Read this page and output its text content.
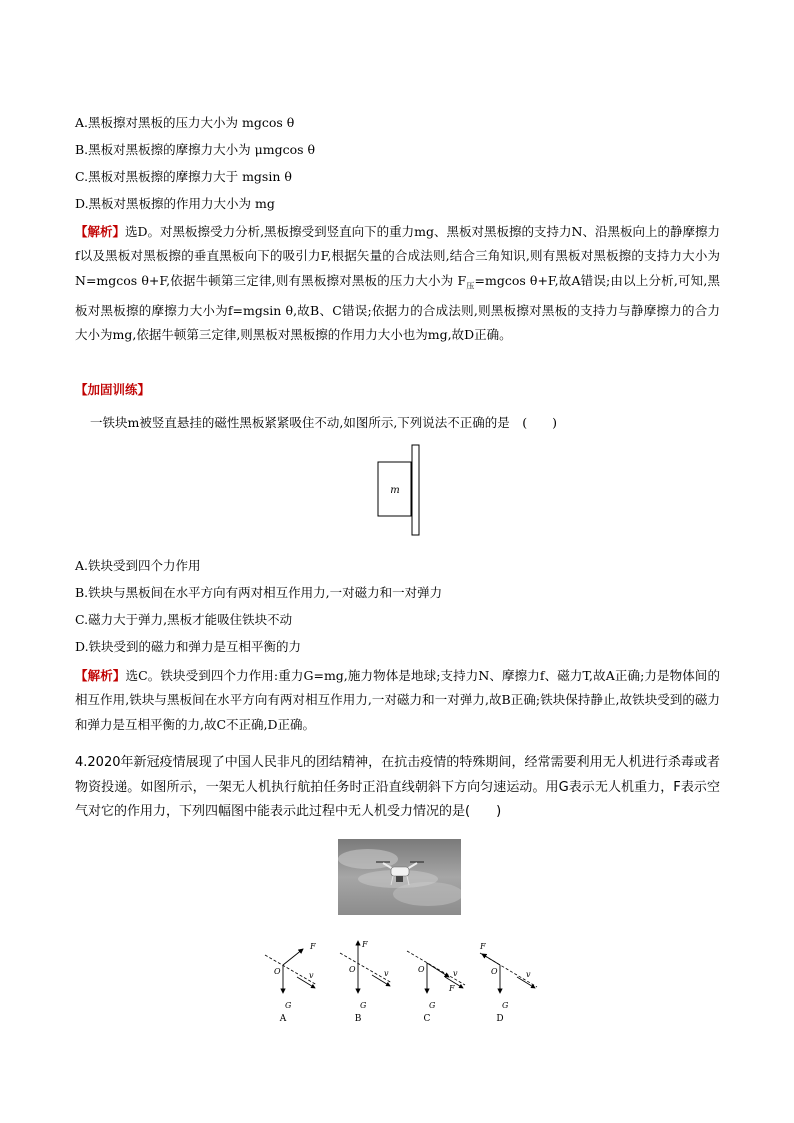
A.黑板擦对黑板的压力大小为 mgcos θ
B.黑板对黑板擦的摩擦力大小为 μmgcos θ
C.黑板对黑板擦的摩擦力大于 mgsin θ
D.黑板对黑板擦的作用力大小为 mg
【解析】选D。对黑板擦受力分析,黑板擦受到竖直向下的重力mg、黑板对黑板擦的支持力N、沿黑板向上的静摩擦力f以及黑板对黑板擦的垂直黑板向下的吸引力F,根据矢量的合成法则,结合三角知识,则有黑板对黑板擦的支持力大小为N=mgcos θ+F,依据牛顿第三定律,则有黑板擦对黑板的压力大小为 $F_压=mgcos$ θ+F,故A错误;由以上分析,可知,黑板对黑板擦的摩擦力大小为f=mgsin θ,故B、C错误;依据力的合成法则,则黑板擦对黑板的支持力与静摩擦力的合力大小为mg,依据牛顿第三定律,则黑板对黑板擦的作用力大小也为mg,故D正确。
【加固训练】
一铁块m被竖直悬挂的磁性黑板紧紧吸住不动,如图所示,下列说法不正确的是　(　　)
m
A.铁块受到四个力作用
B.铁块与黑板间在水平方向有两对相互作用力,一对磁力和一对弹力
C.磁力大于弹力,黑板才能吸住铁块不动
D.铁块受到的磁力和弹力是互相平衡的力
【解析】选C。铁块受到四个力作用:重力G=mg,施力物体是地球;支持力N、摩擦力f、磁力T,故A正确;力是物体间的相互作用,铁块与黑板间在水平方向有两对相互作用力,一对磁力和一对弹力,故B正确;铁块保持静止,故铁块受到的磁力和弹力是互相平衡的力,故C不正确,D正确。
4.2020年新冠疫情展现了中国人民非凡的团结精神，在抗击疫情的特殊期间，经常需要利用无人机进行杀毒或者物资投递。如图所示，一架无人机执行航拍任务时正沿直线朝斜下方向匀速运动。用G表示无人机重力，F表示空气对它的作用力，下列四幅图中能表示此过程中无人机受力情况的是(　　)
F
O
G
v
A
F
O
G
v
B
F
O
G
v
C
F
O
G
v
D
